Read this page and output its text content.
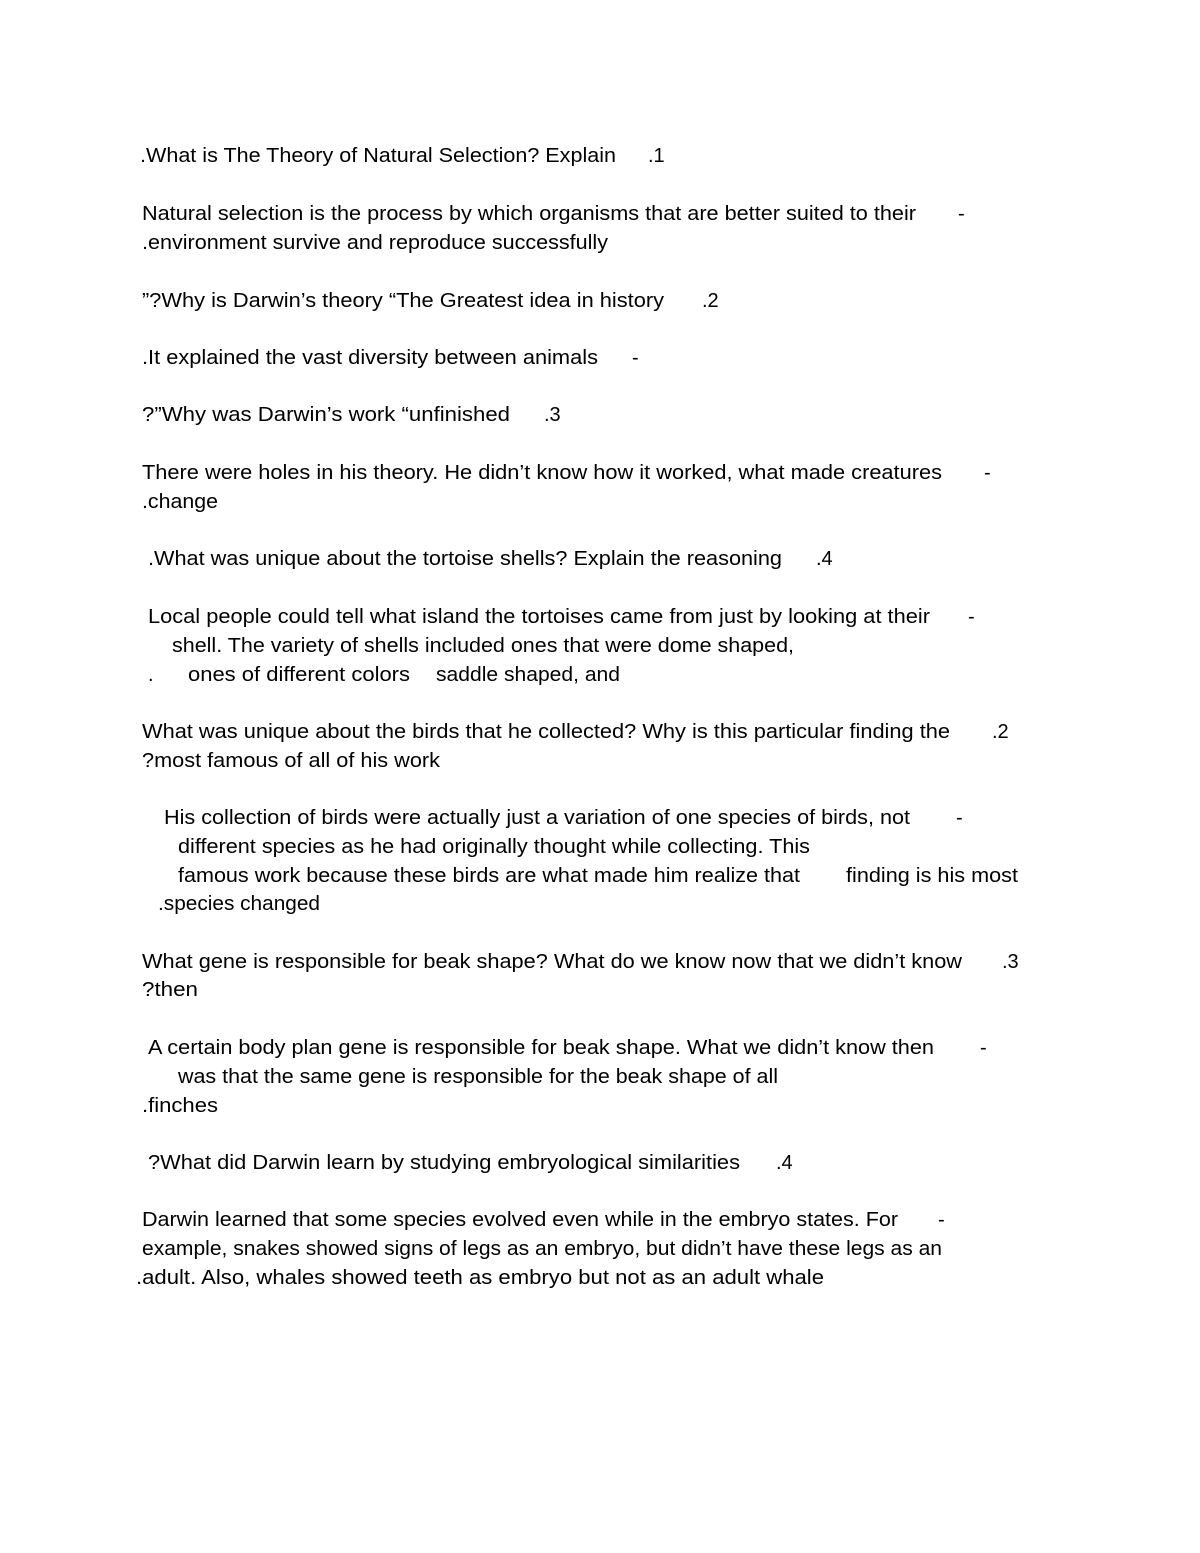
.What is The Theory of Natural Selection? Explain .1
Natural selection is the process by which organisms that are better suited to their -
.environment survive and reproduce successfully
”?Why is Darwin’s theory “The Greatest idea in history .2
.It explained the vast diversity between animals -
?”Why was Darwin’s work “unfinished .3
There were holes in his theory. He didn’t know how it worked, what made creatures -
.change
.What was unique about the tortoise shells? Explain the reasoning .4
Local people could tell what island the tortoises came from just by looking at their -
shell. The variety of shells included ones that were dome shaped,
. ones of different colors saddle shaped, and
What was unique about the birds that he collected? Why is this particular finding the .2
?most famous of all of his work
His collection of birds were actually just a variation of one species of birds, not -
different species as he had originally thought while collecting. This
famous work because these birds are what made him realize that finding is his most
.species changed
What gene is responsible for beak shape? What do we know now that we didn’t know .3
?then
A certain body plan gene is responsible for beak shape. What we didn’t know then -
was that the same gene is responsible for the beak shape of all
.finches
?What did Darwin learn by studying embryological similarities .4
Darwin learned that some species evolved even while in the embryo states. For -
example, snakes showed signs of legs as an embryo, but didn’t have these legs as an
.adult. Also, whales showed teeth as embryo but not as an adult whale
